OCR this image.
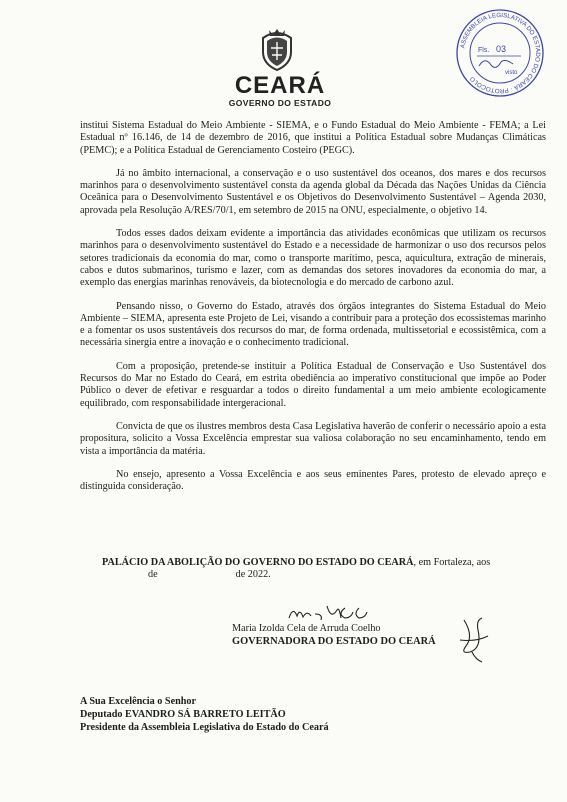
CEARÁ
GOVERNO DO ESTADO
ASSEMBLEIA LEGISLATIVA DO ESTADO DO CEARÁ · PROTOCOLO
Fls. 03
visto

institui Sistema Estadual do Meio Ambiente - SIEMA, e o Fundo Estadual do Meio Ambiente - FEMA; a Lei Estadual nº 16.146, de 14 de dezembro de 2016, que institui a Política Estadual sobre Mudanças Climáticas (PEMC); e a Política Estadual de Gerenciamento Costeiro (PEGC).

Já no âmbito internacional, a conservação e o uso sustentável dos oceanos, dos mares e dos recursos marinhos para o desenvolvimento sustentável consta da agenda global da Década das Nações Unidas da Ciência Oceânica para o Desenvolvimento Sustentável e os Objetivos do Desenvolvimento Sustentável – Agenda 2030, aprovada pela Resolução A/RES/70/1, em setembro de 2015 na ONU, especialmente, o objetivo 14.

Todos esses dados deixam evidente a importância das atividades econômicas que utilizam os recursos marinhos para o desenvolvimento sustentável do Estado e a necessidade de harmonizar o uso dos recursos pelos setores tradicionais da economia do mar, como o transporte marítimo, pesca, aquicultura, extração de minerais, cabos e dutos submarinos, turismo e lazer, com as demandas dos setores inovadores da economia do mar, a exemplo das energias marinhas renováveis, da biotecnologia e do mercado de carbono azul.

Pensando nisso, o Governo do Estado, através dos órgãos integrantes do Sistema Estadual do Meio Ambiente – SIEMA, apresenta este Projeto de Lei, visando a contribuir para a proteção dos ecossistemas marinho e a fomentar os usos sustentáveis dos recursos do mar, de forma ordenada, multissetorial e ecossistêmica, com a necessária sinergia entre a inovação e o conhecimento tradicional.

Com a proposição, pretende-se instituir a Política Estadual de Conservação e Uso Sustentável dos Recursos do Mar no Estado do Ceará, em estrita obediência ao imperativo constitucional que impõe ao Poder Público o dever de efetivar e resguardar a todos o direito fundamental a um meio ambiente ecologicamente equilibrado, com responsabilidade intergeracional.

Convicta de que os ilustres membros desta Casa Legislativa haverão de conferir o necessário apoio a esta propositura, solicito a Vossa Excelência emprestar sua valiosa colaboração no seu encaminhamento, tendo em vista a importância da matéria.

No ensejo, apresento a Vossa Excelência e aos seus eminentes Pares, protesto de elevado apreço e distinguida consideração.

PALÁCIO DA ABOLIÇÃO DO GOVERNO DO ESTADO DO CEARÁ, em Fortaleza, aos

de	de 2022.

Maria Izolda Cela de Arruda Coelho
GOVERNADORA DO ESTADO DO CEARÁ
A Sua Excelência o Senhor
Deputado EVANDRO SÁ BARRETO LEITÃO
Presidente da Assembleia Legislativa do Estado do Ceará
